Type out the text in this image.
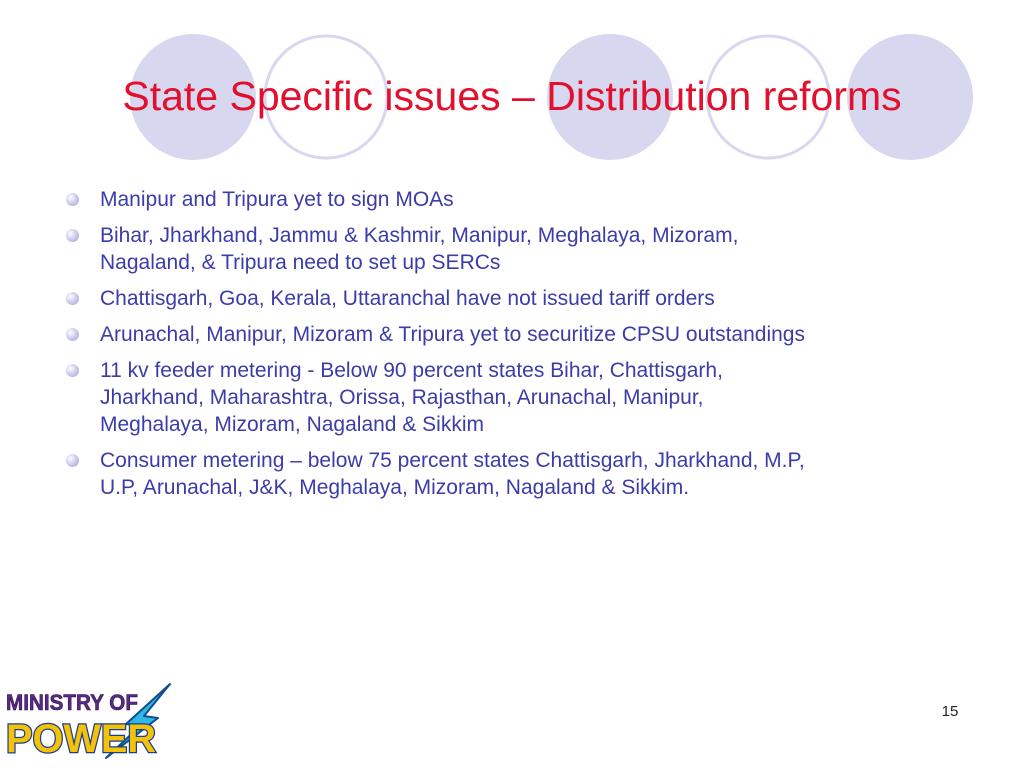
State Specific issues – Distribution reforms
Manipur and Tripura yet to sign MOAs
Bihar, Jharkhand, Jammu & Kashmir, Manipur, Meghalaya, Mizoram, Nagaland, & Tripura need to set up SERCs
Chattisgarh, Goa, Kerala, Uttaranchal have not issued tariff orders
Arunachal, Manipur, Mizoram & Tripura yet to securitize CPSU outstandings
11 kv feeder metering - Below 90 percent states Bihar, Chattisgarh, Jharkhand, Maharashtra, Orissa, Rajasthan, Arunachal, Manipur, Meghalaya, Mizoram, Nagaland & Sikkim
Consumer metering – below 75 percent states Chattisgarh, Jharkhand, M.P, U.P, Arunachal, J&K, Meghalaya, Mizoram, Nagaland & Sikkim.
MINISTRY OF
POWER
15
